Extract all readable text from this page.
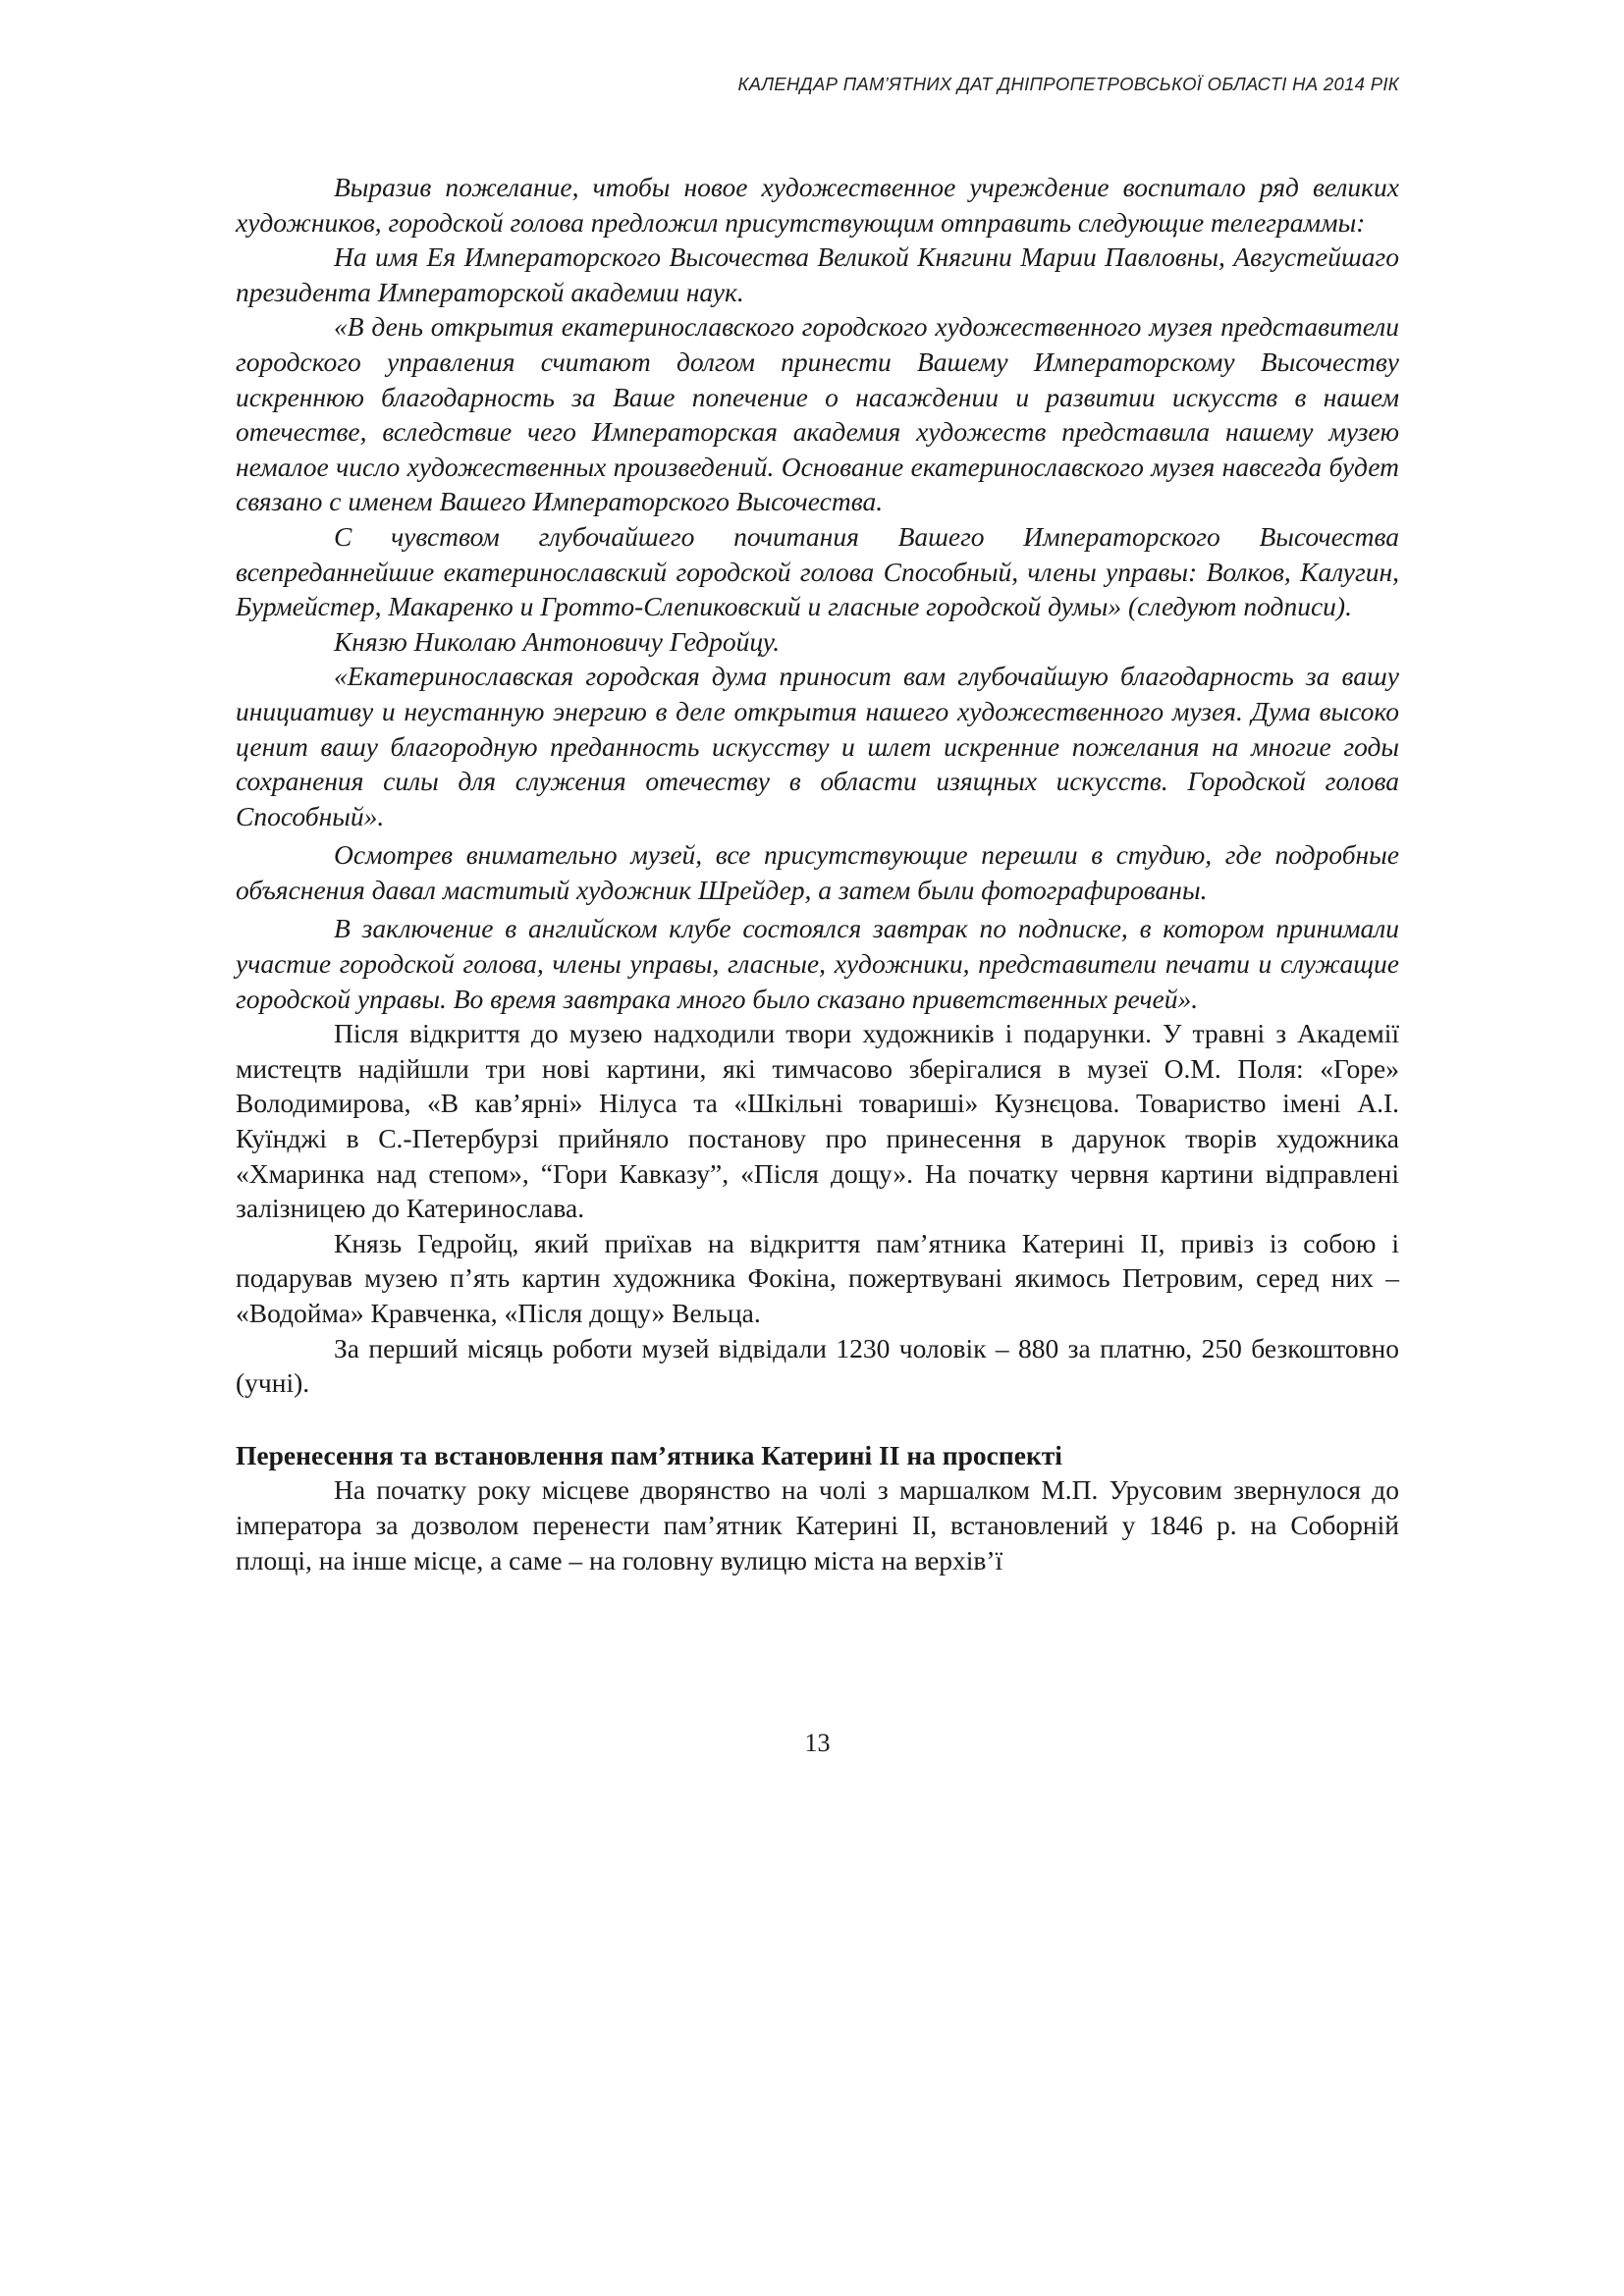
КАЛЕНДАР ПАМ’ЯТНИХ ДАТ ДНІПРОПЕТРОВСЬКОЇ ОБЛАСТІ НА 2014 РІК

Выразив пожелание, чтобы новое художественное учреждение воспитало ряд великих художников, городской голова предложил присутствующим отправить следующие телеграммы:

На имя Ея Императорского Высочества Великой Княгини Марии Павловны, Августейшаго президента Императорской академии наук.

«В день открытия екатеринославского городского художественного музея представители городского управления считают долгом принести Вашему Императорскому Высочеству искреннюю благодарность за Ваше попечение о насаждении и развитии искусств в нашем отечестве, вследствие чего Императорская академия художеств представила нашему музею немалое число художественных произведений. Основание екатеринославского музея навсегда будет связано с именем Вашего Императорского Высочества.

С чувством глубочайшего почитания Вашего Императорского Высочества всепреданнейшие екатеринославский городской голова Способный, члены управы: Волков, Калугин, Бурмейстер, Макаренко и Гротто-Слепиковский и гласные городской думы» (следуют подписи).

Князю Николаю Антоновичу Гедройцу.

«Екатеринославская городская дума приносит вам глубочайшую благодарность за вашу инициативу и неустанную энергию в деле открытия нашего художественного музея. Дума высоко ценит вашу благородную преданность искусству и шлет искренние пожелания на многие годы сохранения силы для служения отечеству в области изящных искусств. Городской голова Способный».

Осмотрев внимательно музей, все присутствующие перешли в студию, где подробные объяснения давал маститый художник Шрейдер, а затем были фотографированы.

В заключение в английском клубе состоялся завтрак по подписке, в котором принимали участие городской голова, члены управы, гласные, художники, представители печати и служащие городской управы. Во время завтрака много было сказано приветственных речей».

Після відкриття до музею надходили твори художників і подарунки. У травні з Академії мистецтв надійшли три нові картини, які тимчасово зберігалися в музеї О.М. Поля: «Горе» Володимирова, «В кав’ярні» Нілуса та «Шкільні товариші» Кузнєцова. Товариство імені А.І. Куїнджі в С.-Петербурзі прийняло постанову про принесення в дарунок творів художника «Хмаринка над степом», “Гори Кавказу”, «Після дощу». На початку червня картини відправлені залізницею до Катеринослава.

Князь Гедройц, який приїхав на відкриття пам’ятника Катерині ІІ, привіз із собою і подарував музею п’ять картин художника Фокіна, пожертвувані якимось Петровим, серед них – «Водойма» Кравченка, «Після дощу» Вельца.

За перший місяць роботи музей відвідали 1230 чоловік – 880 за платню, 250 безкоштовно (учні).

Перенесення та встановлення пам’ятника Катерині ІІ на проспекті

На початку року місцеве дворянство на чолі з маршалком М.П. Урусовим звернулося до імператора за дозволом перенести пам’ятник Катерині ІІ, встановлений у 1846 р. на Соборній площі, на інше місце, а саме – на головну вулицю міста на верхів’ї

13
